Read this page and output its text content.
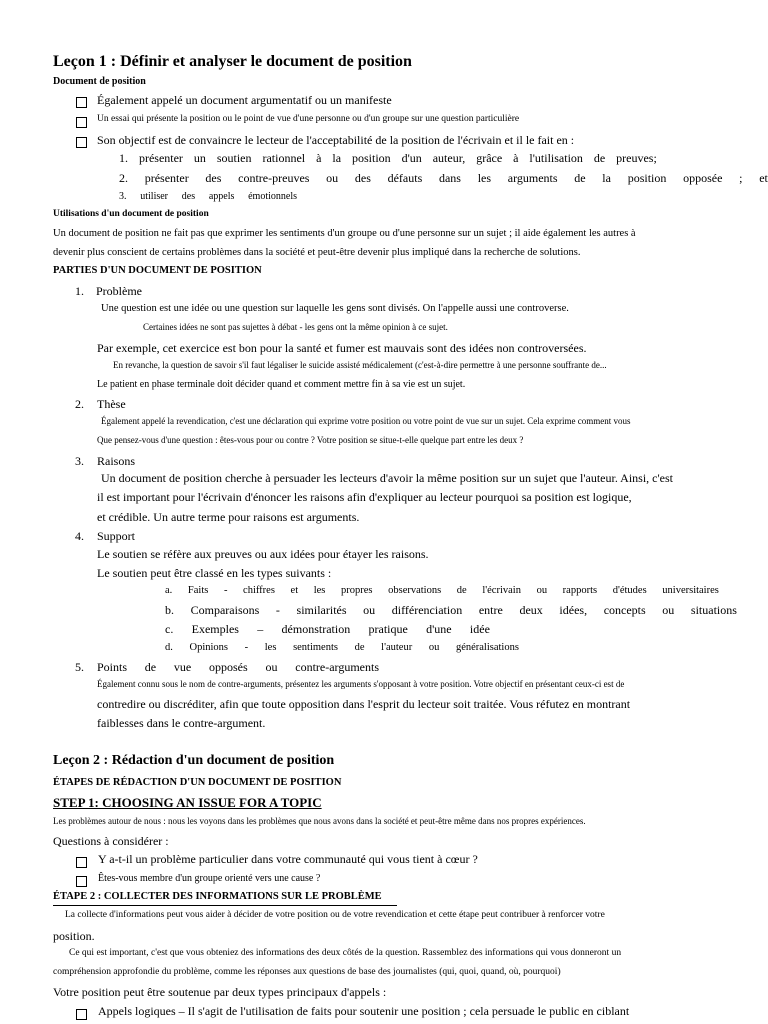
Leçon 1 : Définir et analyser le document de position
Document de position
Également appelé un document argumentatif ou un manifeste
Un essai qui présente la position ou le point de vue d'une personne ou d'un groupe sur une question particulière
Son objectif est de convaincre le lecteur de l'acceptabilité de la position de l'écrivain et il le fait en :
1. présenter un soutien rationnel à la position d'un auteur, grâce à l'utilisation de preuves;
2. présenter des contre-preuves ou des défauts dans les arguments de la position opposée ; et
3. utiliser des appels émotionnels
Utilisations d'un document de position
Un document de position ne fait pas que exprimer les sentiments d'un groupe ou d'une personne sur un sujet ; il aide également les autres à
devenir plus conscient de certains problèmes dans la société et peut-être devenir plus impliqué dans la recherche de solutions.
PARTIES D'UN DOCUMENT DE POSITION
1. Problème
Une question est une idée ou une question sur laquelle les gens sont divisés. On l'appelle aussi une controverse.
Certaines idées ne sont pas sujettes à débat - les gens ont la même opinion à ce sujet.
Par exemple, cet exercice est bon pour la santé et fumer est mauvais sont des idées non controversées.
En revanche, la question de savoir s'il faut légaliser le suicide assisté médicalement (c'est-à-dire permettre à une personne souffrante de...
Le patient en phase terminale doit décider quand et comment mettre fin à sa vie est un sujet.
2. Thèse
Également appelé la revendication, c'est une déclaration qui exprime votre position ou votre point de vue sur un sujet. Cela exprime comment vous
Que pensez-vous d'une question : êtes-vous pour ou contre ? Votre position se situe-t-elle quelque part entre les deux ?
3. Raisons
Un document de position cherche à persuader les lecteurs d'avoir la même position sur un sujet que l'auteur. Ainsi, c'est
il est important pour l'écrivain d'énoncer les raisons afin d'expliquer au lecteur pourquoi sa position est logique,
et crédible. Un autre terme pour raisons est arguments.
4. Support
Le soutien se réfère aux preuves ou aux idées pour étayer les raisons.
Le soutien peut être classé en les types suivants :
a. Faits - chiffres et les propres observations de l'écrivain ou rapports d'études universitaires
b. Comparaisons - similarités ou différenciation entre deux idées, concepts ou situations
c. Exemples – démonstration pratique d'une idée
d. Opinions - les sentiments de l'auteur ou généralisations
5. Points de vue opposés ou contre-arguments
Également connu sous le nom de contre-arguments, présentez les arguments s'opposant à votre position. Votre objectif en présentant ceux-ci est de
contredire ou discréditer, afin que toute opposition dans l'esprit du lecteur soit traitée. Vous réfutez en montrant
faiblesses dans le contre-argument.
Leçon 2 : Rédaction d'un document de position
ÉTAPES DE RÉDACTION D'UN DOCUMENT DE POSITION
STEP 1: CHOOSING AN ISSUE FOR A TOPIC
Les problèmes autour de nous : nous les voyons dans les problèmes que nous avons dans la société et peut-être même dans nos propres expériences.
Questions à considérer :
Y a-t-il un problème particulier dans votre communauté qui vous tient à cœur ?
Êtes-vous membre d'un groupe orienté vers une cause ?
ÉTAPE 2 : COLLECTER DES INFORMATIONS SUR LE PROBLÈME
La collecte d'informations peut vous aider à décider de votre position ou de votre revendication et cette étape peut contribuer à renforcer votre
position.
Ce qui est important, c'est que vous obteniez des informations des deux côtés de la question. Rassemblez des informations qui vous donneront un
compréhension approfondie du problème, comme les réponses aux questions de base des journalistes (qui, quoi, quand, où, pourquoi)
Votre position peut être soutenue par deux types principaux d'appels :
Appels logiques – Il s'agit de l'utilisation de faits pour soutenir une position ; cela persuade le public en ciblant
